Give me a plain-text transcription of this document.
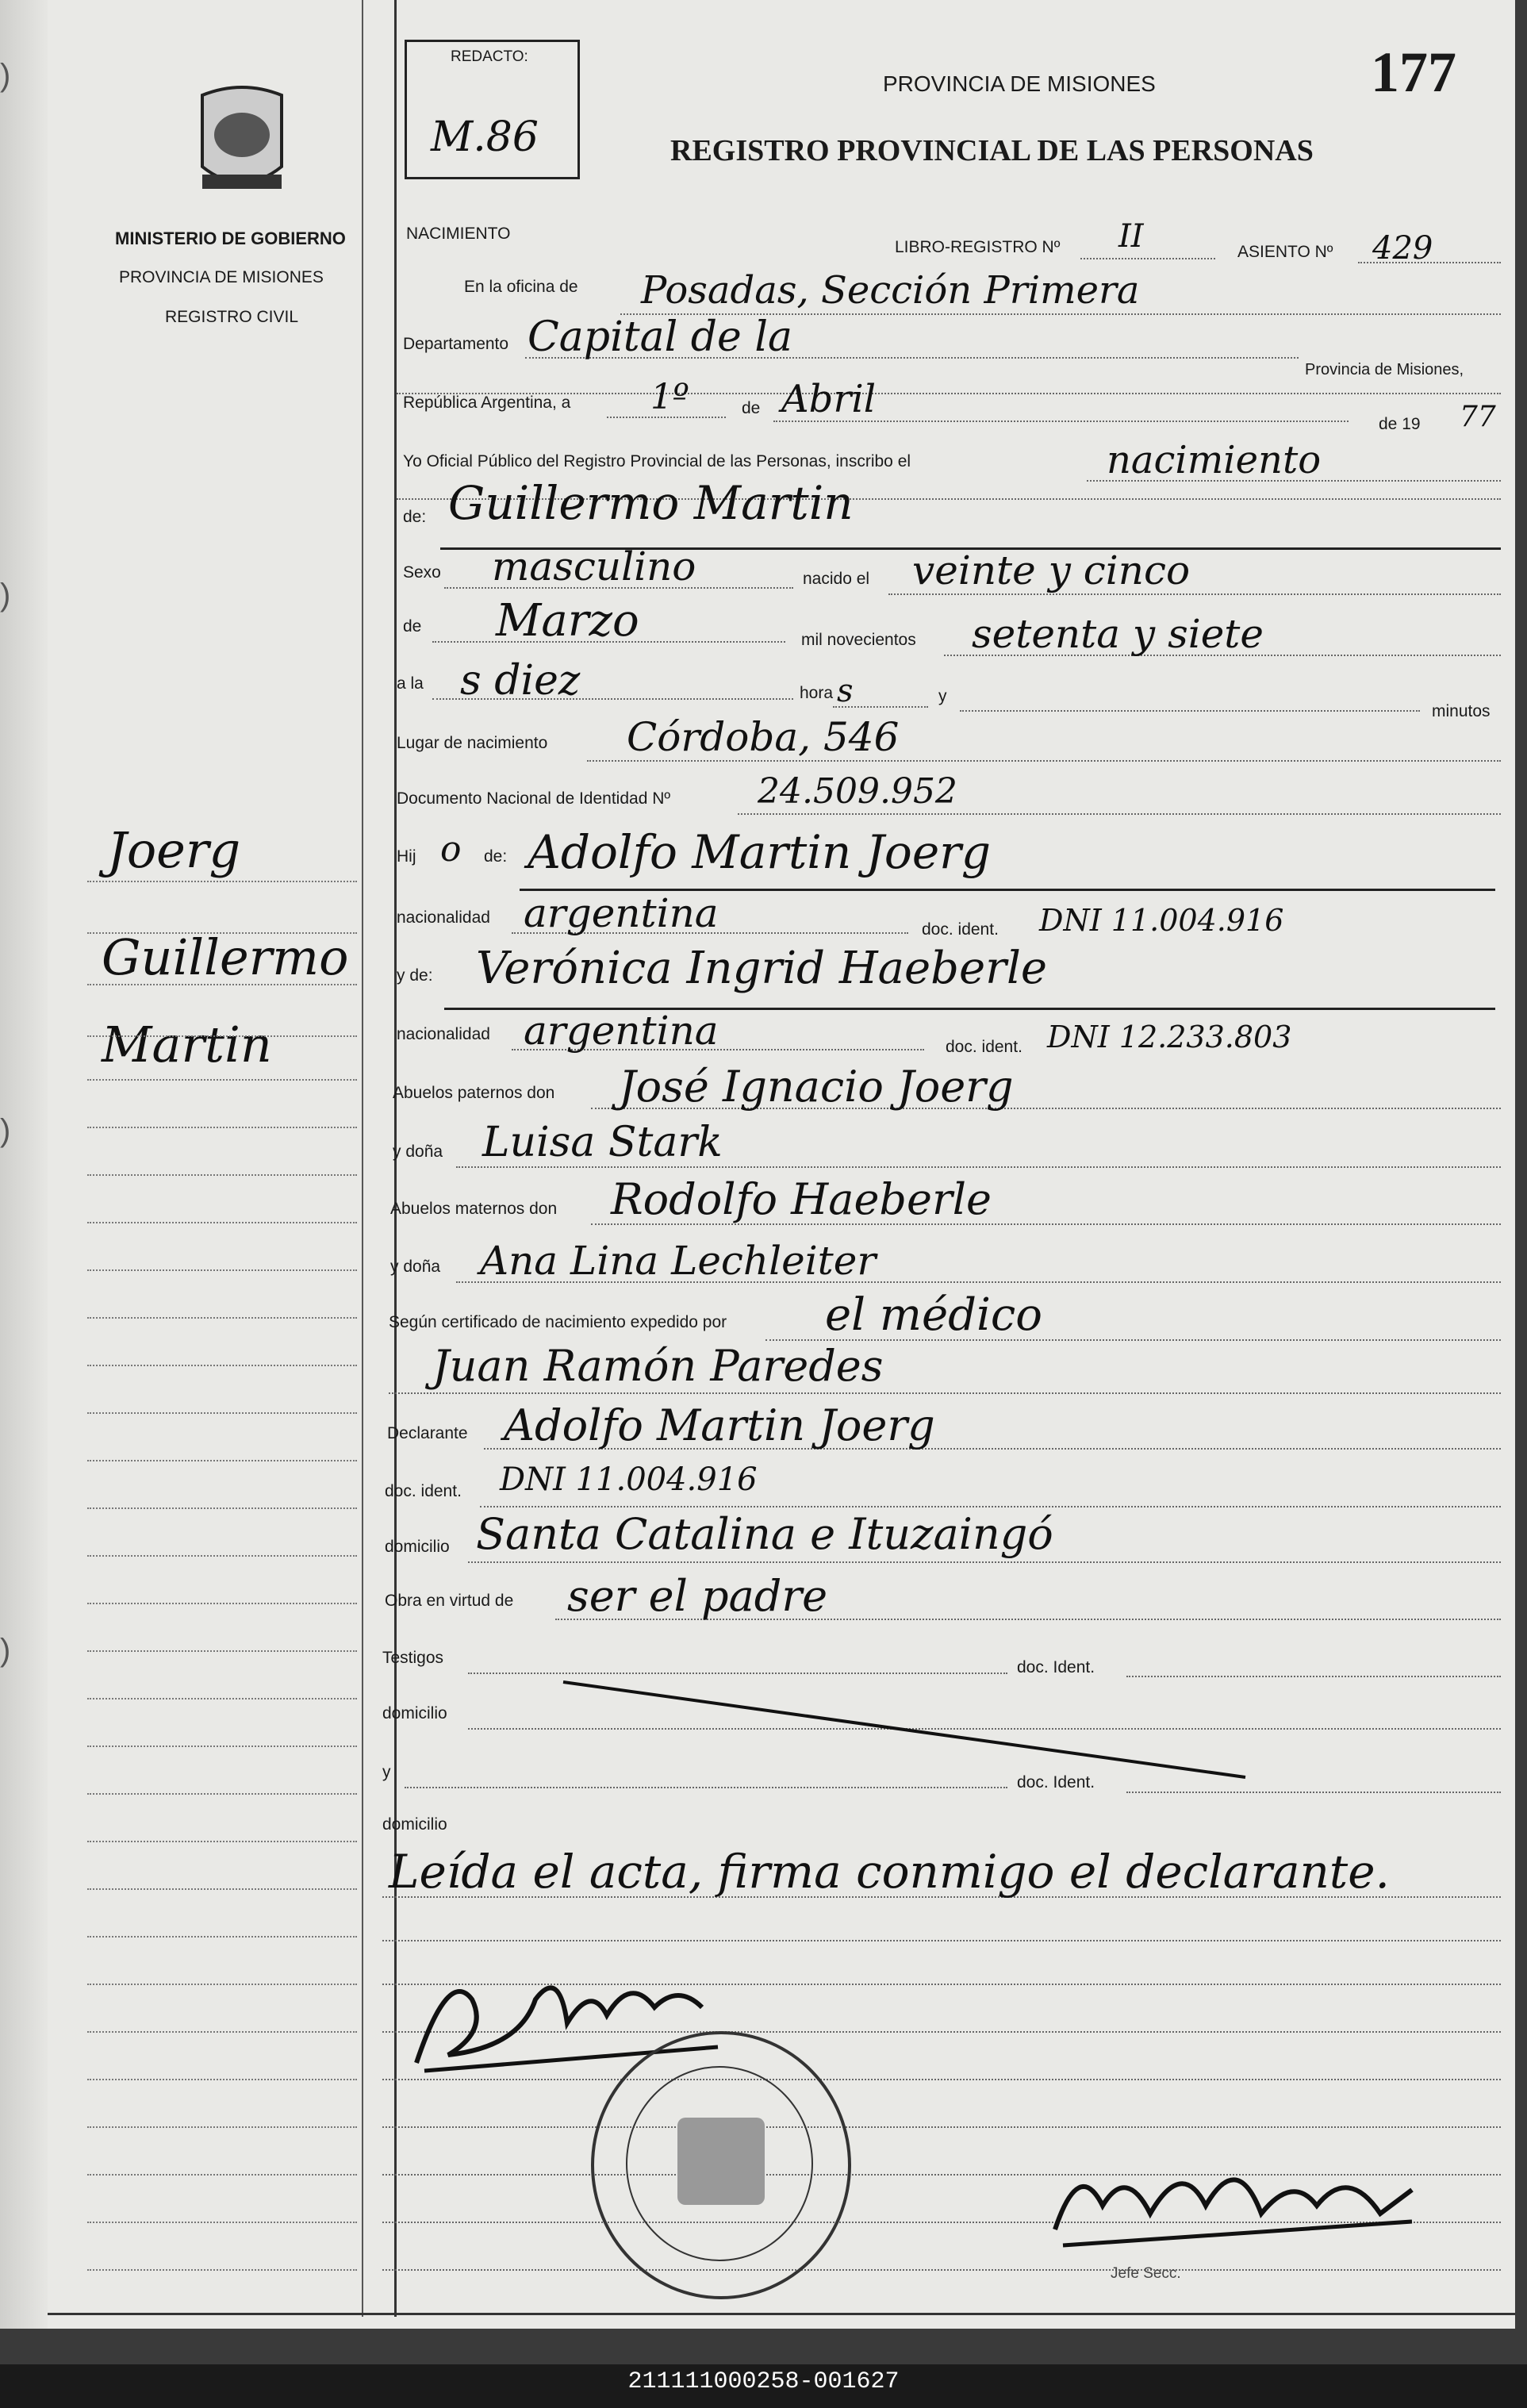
)
)
)
)
MINISTERIO DE GOBIERNO
PROVINCIA DE MISIONES
REGISTRO CIVIL
REDACTO:
M.86
PROVINCIA DE MISIONES
REGISTRO PROVINCIAL DE LAS PERSONAS
177
NACIMIENTO
LIBRO-REGISTRO Nº II	ASIENTO Nº 429
En la oficina de Posadas, Sección Primera
Departamento Capital de la
Provincia de Misiones,
República Argentina, a 1º	de Abril
de 19 77
Yo Oficial Público del Registro Provincial de las Personas, inscribo el	nacimiento
de: Guillermo Martin
Sexo masculino	nacido el veinte y cinco
de Marzo	mil novecientos setenta y siete
a la s diez	hora s	y
minutos
Lugar de nacimiento Córdoba, 546
Documento Nacional de Identidad Nº 24.509.952
Hij o de: Adolfo Martin Joerg
nacionalidad argentina	doc. ident. DNI 11.004.916
y de: Verónica Ingrid Haeberle
nacionalidad argentina	doc. ident. DNI 12.233.803
Abuelos paternos don José Ignacio Joerg
y doña Luisa Stark
Abuelos maternos don Rodolfo Haeberle
y doña Ana Lina Lechleiter
Según certificado de nacimiento expedido por el médico
Juan Ramón Paredes
Declarante Adolfo Martin Joerg
doc. ident. DNI 11.004.916
domicilio Santa Catalina e Ituzaingó
Obra en virtud de ser el padre
Testigos
doc. Ident.
domicilio
y
doc. Ident.
domicilio
Leída el acta, firma conmigo el declarante.
Jefe Secc.
Joerg
Guillermo
Martin
211111000258-001627
